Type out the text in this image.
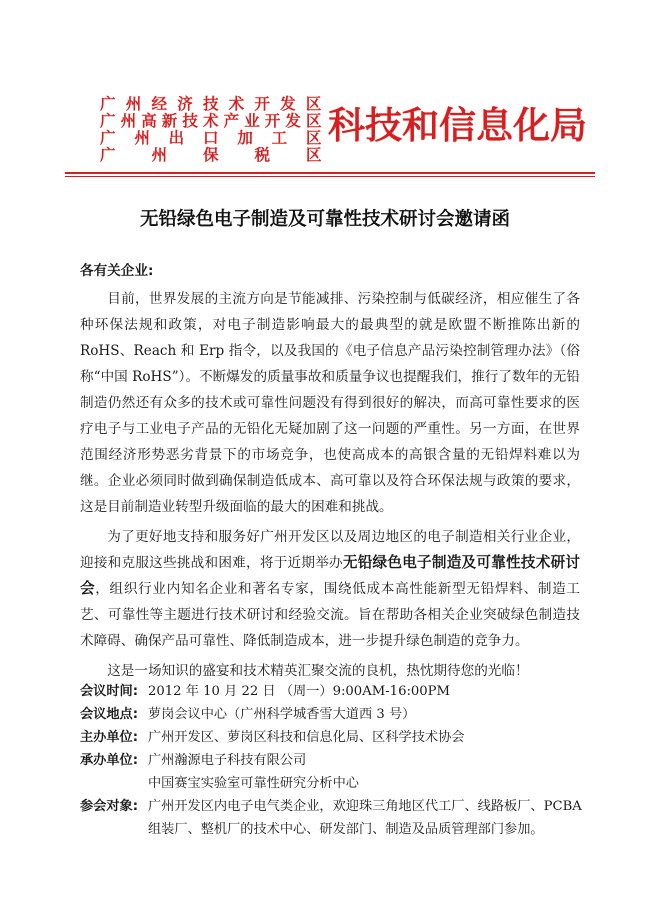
广 州 经 济 技 术 开 发 区
广 州 高 新 技 术 产 业 开 发 区
广 州 出 口 加 工 区
广 州 保 税 区
科技和信息化局
无铅绿色电子制造及可靠性技术研讨会邀请函

各有关企业:

目前，世界发展的主流方向是节能减排、污染控制与低碳经济，相应催生了各种环保法规和政策，对电子制造影响最大的最典型的就是欧盟不断推陈出新的 RoHS、Reach 和 Erp 指令，以及我国的《电子信息产品污染控制管理办法》（俗称“中国 RoHS”）。不断爆发的质量事故和质量争议也提醒我们，推行了数年的无铅制造仍然还有众多的技术或可靠性问题没有得到很好的解决，而高可靠性要求的医疗电子与工业电子产品的无铅化无疑加剧了这一问题的严重性。另一方面，在世界范围经济形势恶劣背景下的市场竞争，也使高成本的高银含量的无铅焊料难以为继。企业必须同时做到确保制造低成本、高可靠以及符合环保法规与政策的要求，这是目前制造业转型升级面临的最大的困难和挑战。

为了更好地支持和服务好广州开发区以及周边地区的电子制造相关行业企业，迎接和克服这些挑战和困难，将于近期举办无铅绿色电子制造及可靠性技术研讨会，组织行业内知名企业和著名专家，围绕低成本高性能新型无铅焊料、制造工艺、可靠性等主题进行技术研讨和经验交流。旨在帮助各相关企业突破绿色制造技术障碍、确保产品可靠性、降低制造成本，进一步提升绿色制造的竞争力。

这是一场知识的盛宴和技术精英汇聚交流的良机，热忱期待您的光临！

会议时间: 2012 年 10 月 22 日 （周一）9:00AM-16:00PM
会议地点: 萝岗会议中心（广州科学城香雪大道西 3 号）
主办单位: 广州开发区、萝岗区科技和信息化局、区科学技术协会
承办单位: 广州瀚源电子科技有限公司
中国赛宝实验室可靠性研究分析中心
参会对象: 广州开发区内电子电气类企业，欢迎珠三角地区代工厂、线路板厂、PCBA
组装厂、整机厂的技术中心、研发部门、制造及品质管理部门参加。
